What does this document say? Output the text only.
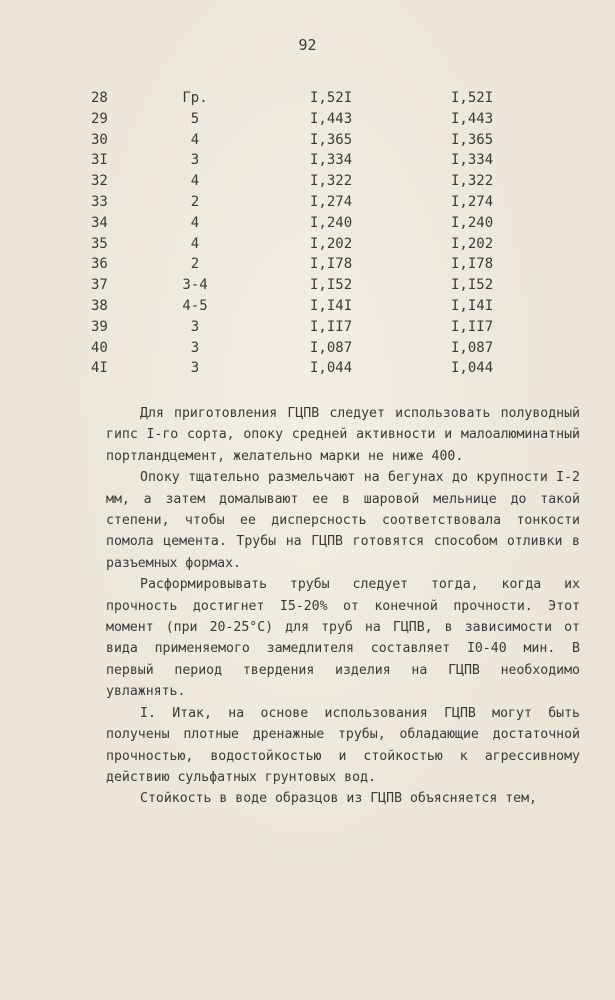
92
28	Гр.	I,52I	I,52I
29	5	I,443	I,443
30	4	I,365	I,365
3I	3	I,334	I,334
32	4	I,322	I,322
33	2	I,274	I,274
34	4	I,240	I,240
35	4	I,202	I,202
36	2	I,I78	I,I78
37	3-4	I,I52	I,I52
38	4-5	I,I4I	I,I4I
39	3	I,II7	I,II7
40	3	I,087	I,087
4I	3	I,044	I,044

Для приготовления ГЦПВ следует использовать полуводный гипс I-го сорта, опоку средней активности и малоалюминатный портландцемент, желательно марки не ниже 400.

Опоку тщательно размельчают на бегунах до крупности I-2 мм, а затем домалывают ее в шаровой мельнице до такой степени, чтобы ее дисперсность соответствовала тонкости помола цемента. Трубы на ГЦПВ готовятся способом отливки в разъемных формах.

Расформировывать трубы следует тогда, когда их прочность достигнет I5-20% от конечной прочности. Этот момент (при 20-25°С) для труб на ГЦПВ, в зависимости от вида применяемого замедлителя составляет I0-40 мин. В первый период твердения изделия на ГЦПВ необходимо увлажнять.

I. Итак, на основе использования ГЦПВ могут быть получены плотные дренажные трубы, обладающие достаточной прочностью, водостойкостью и стойкостью к агрессивному действию сульфатных грунтовых вод.

Стойкость в воде образцов из ГЦПВ объясняется тем,
